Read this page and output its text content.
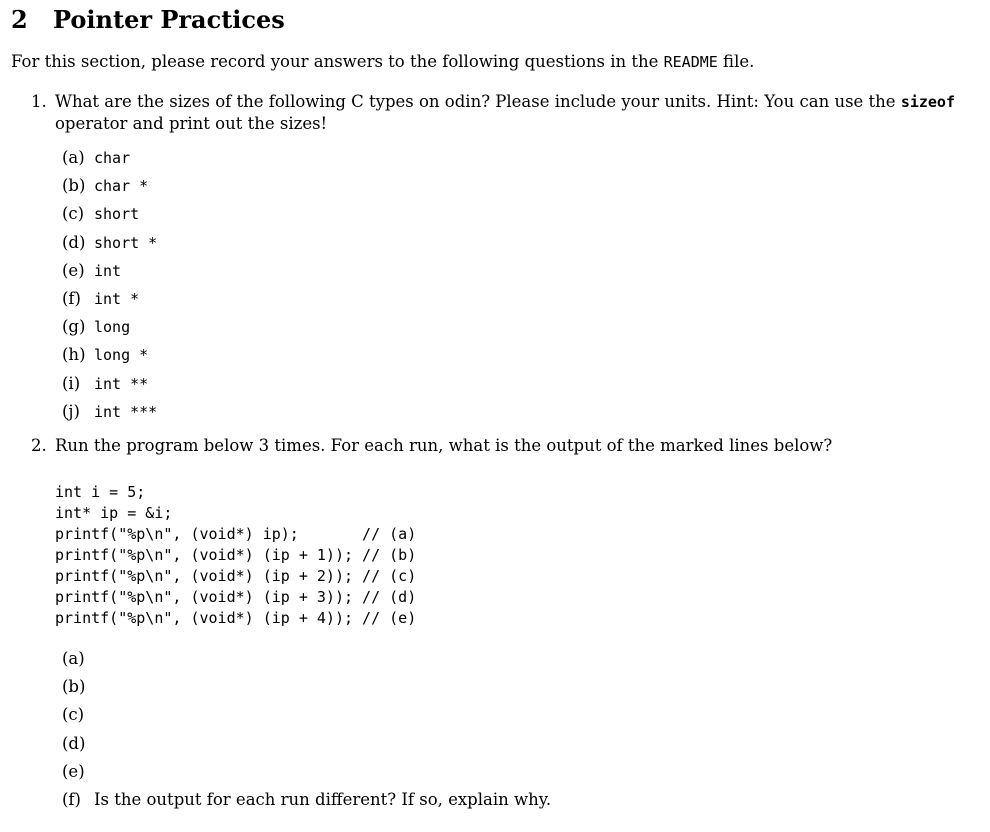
2 Pointer Practices
For this section, please record your answers to the following questions in the README file.
1. What are the sizes of the following C types on odin? Please include your units. Hint: You can use the sizeof operator and print out the sizes!
(a) char
(b) char *
(c) short
(d) short *
(e) int
(f) int *
(g) long
(h) long *
(i) int **
(j) int ***
2. Run the program below 3 times. For each run, what is the output of the marked lines below?
int i = 5;
int* ip = &i;
printf("%p\n", (void*) ip);       // (a)
printf("%p\n", (void*) (ip + 1)); // (b)
printf("%p\n", (void*) (ip + 2)); // (c)
printf("%p\n", (void*) (ip + 3)); // (d)
printf("%p\n", (void*) (ip + 4)); // (e)
(a)
(b)
(c)
(d)
(e)
(f) Is the output for each run different? If so, explain why.
